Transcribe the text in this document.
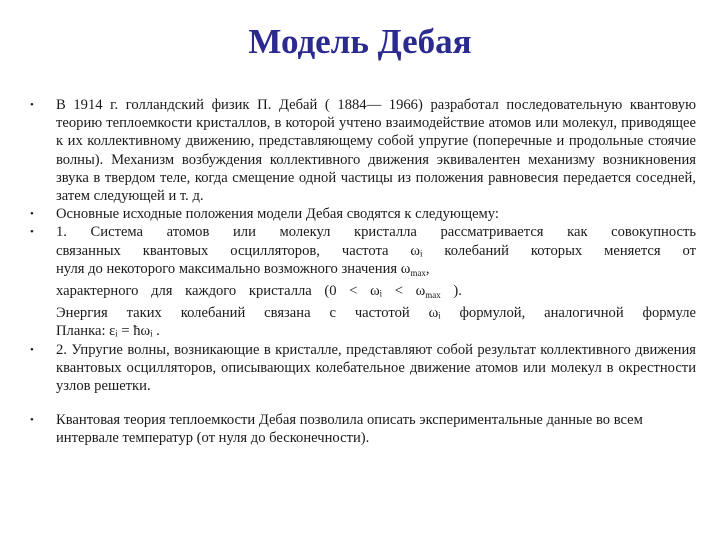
Модель Дебая
• В 1914 г. голландский физик П. Дебай ( 1884— 1966) разработал последовательную квантовую теорию теплоемкости кристаллов, в которой учтено взаимодействие атомов или молекул, приводящее к их коллективному движению, представляющему собой упругие (поперечные и продольные стоячие волны). Механизм возбуждения коллективного движения эквивалентен механизму возникновения звука в твердом теле, когда смещение одной частицы из положения равновесия передается соседней, затем следующей и т. д.
• Основные исходные положения модели Дебая сводятся к следующему:
• 1. Система атомов или молекул кристалла рассматривается как совокупность
связанных квантовых осцилляторов, частота ωᵢ колебаний которых меняется от
нуля до некоторого максимально возможного значения $\omega_{max}$,
характерного для каждого кристалла (0 < ωᵢ < $\omega_{max}$ ).
Энергия таких колебаний связана с частотой ωᵢ формулой, аналогичной формуле
Планка: εᵢ = ħωᵢ .
• 2. Упругие волны, возникающие в кристалле, представляют собой результат коллективного движения квантовых осцилляторов, описывающих колебательное движение атомов или молекул в окрестности узлов решетки.
• Квантовая теория теплоемкости Дебая позволила описать экспериментальные данные во всем интервале температур (от нуля до бесконечности).
